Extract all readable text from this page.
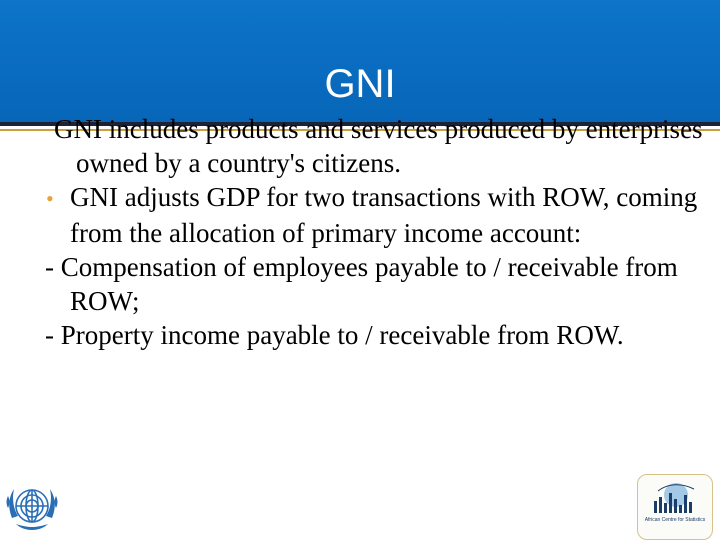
GNI
GNI includes products and services produced by enterprises owned by a country's citizens.
• GNI adjusts GDP for two transactions with ROW, coming from the allocation of primary income account:
- Compensation of employees payable to / receivable from ROW;
- Property income payable to / receivable from ROW.
African Centre for Statistics
